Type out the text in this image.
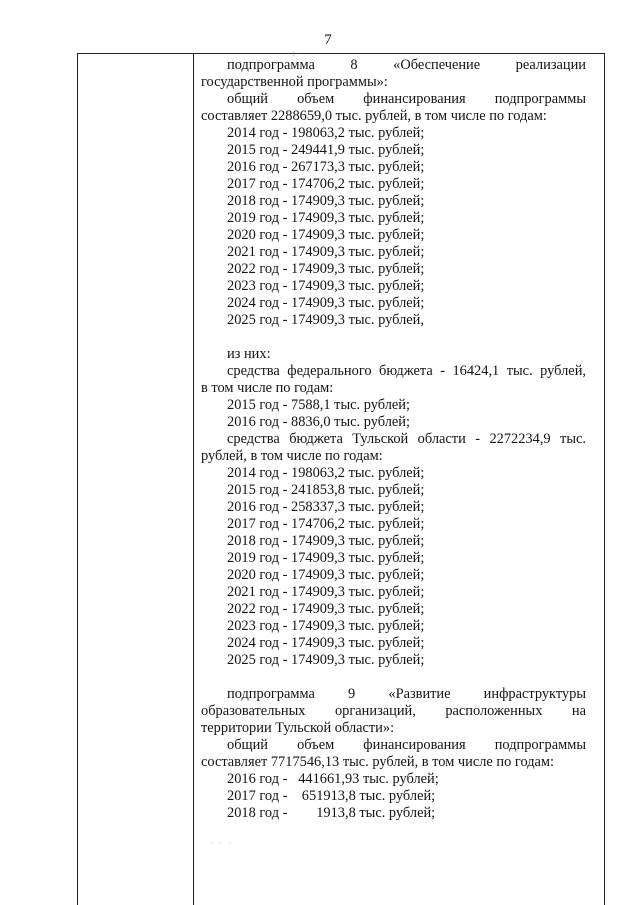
7
·:·
· · ·
подпрограмма 8 «Обеспечение реализации
государственной программы»:
общий объем финансирования подпрограммы
составляет 2288659,0 тыс. рублей, в том числе по годам:
2014 год - 198063,2 тыс. рублей;
2015 год - 249441,9 тыс. рублей;
2016 год - 267173,3 тыс. рублей;
2017 год - 174706,2 тыс. рублей;
2018 год - 174909,3 тыс. рублей;
2019 год - 174909,3 тыс. рублей;
2020 год - 174909,3 тыс. рублей;
2021 год - 174909,3 тыс. рублей;
2022 год - 174909,3 тыс. рублей;
2023 год - 174909,3 тыс. рублей;
2024 год - 174909,3 тыс. рублей;
2025 год - 174909,3 тыс. рублей,
из них:
средства федерального бюджета - 16424,1 тыс. рублей,
в том числе по годам:
2015 год - 7588,1 тыс. рублей;
2016 год - 8836,0 тыс. рублей;
средства бюджета Тульской области - 2272234,9 тыс.
рублей, в том числе по годам:
2014 год - 198063,2 тыс. рублей;
2015 год - 241853,8 тыс. рублей;
2016 год - 258337,3 тыс. рублей;
2017 год - 174706,2 тыс. рублей;
2018 год - 174909,3 тыс. рублей;
2019 год - 174909,3 тыс. рублей;
2020 год - 174909,3 тыс. рублей;
2021 год - 174909,3 тыс. рублей;
2022 год - 174909,3 тыс. рублей;
2023 год - 174909,3 тыс. рублей;
2024 год - 174909,3 тыс. рублей;
2025 год - 174909,3 тыс. рублей;
подпрограмма 9 «Развитие инфраструктуры
образовательных организаций, расположенных на
территории Тульской области»:
общий объем финансирования подпрограммы
составляет 7717546,13 тыс. рублей, в том числе по годам:
2016 год -   441661,93 тыс. рублей;
2017 год -    651913,8 тыс. рублей;
2018 год -        1913,8 тыс. рублей;
